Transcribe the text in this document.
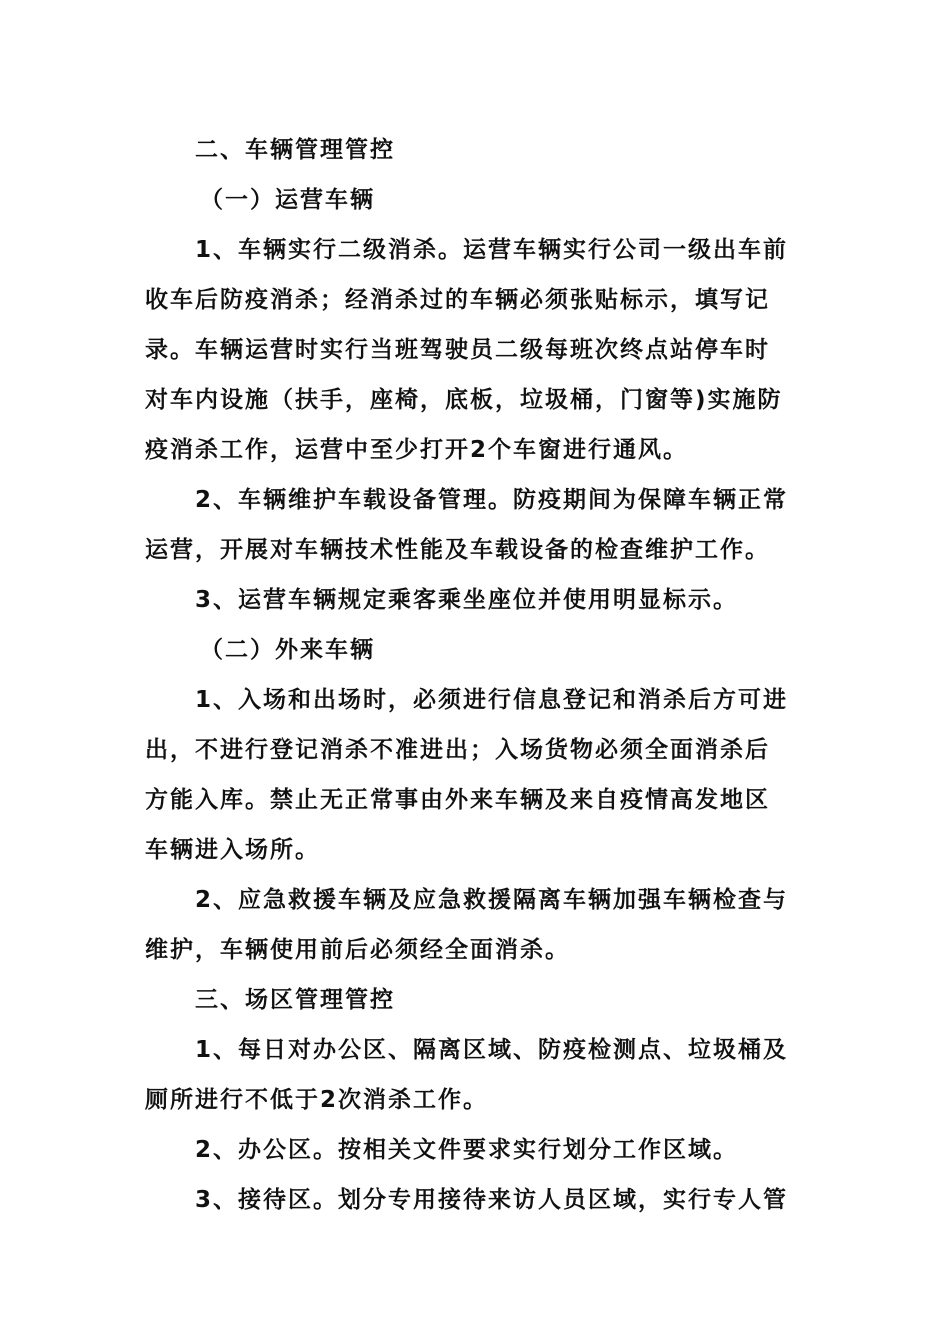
二、车辆管理管控
（一）运营车辆
1、车辆实行二级消杀。运营车辆实行公司一级出车前
收车后防疫消杀；经消杀过的车辆必须张贴标示，填写记
录。车辆运营时实行当班驾驶员二级每班次终点站停车时
对车内设施（扶手，座椅，底板，垃圾桶，门窗等)实施防
疫消杀工作，运营中至少打开2个车窗进行通风。
2、车辆维护车载设备管理。防疫期间为保障车辆正常
运营，开展对车辆技术性能及车载设备的检查维护工作。
3、运营车辆规定乘客乘坐座位并使用明显标示。
（二）外来车辆
1、入场和出场时，必须进行信息登记和消杀后方可进
出，不进行登记消杀不准进出；入场货物必须全面消杀后
方能入库。禁止无正常事由外来车辆及来自疫情高发地区
车辆进入场所。
2、应急救援车辆及应急救援隔离车辆加强车辆检查与
维护，车辆使用前后必须经全面消杀。
三、场区管理管控
1、每日对办公区、隔离区域、防疫检测点、垃圾桶及
厕所进行不低于2次消杀工作。
2、办公区。按相关文件要求实行划分工作区域。
3、接待区。划分专用接待来访人员区域，实行专人管
